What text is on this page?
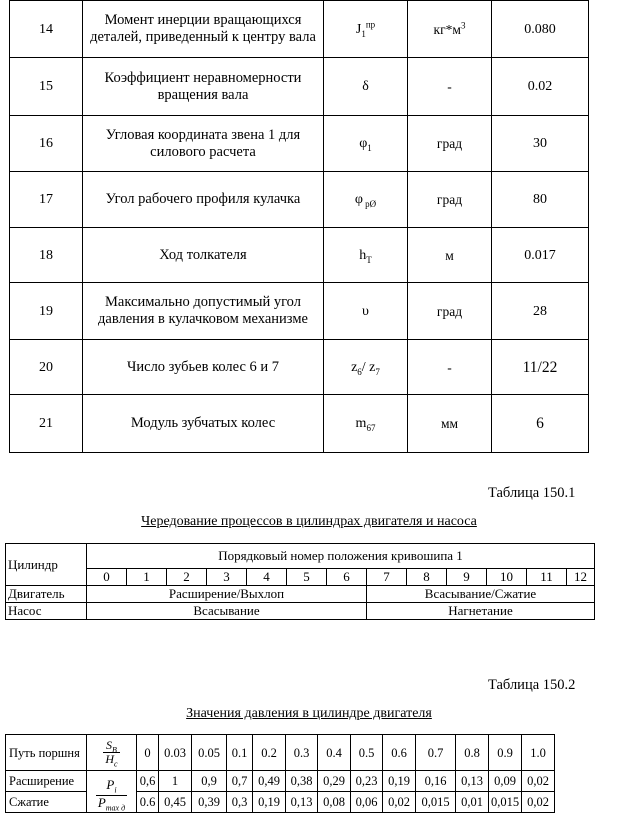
14	Момент инерции вращающихся деталей, приведенный к центру вала	$J_1^{пр}$	$кг*м^3$	0.080
15	Коэффициент неравномерности вращения вала	δ	-	0.02
16	Угловая координата звена 1 для силового расчета	$\varphi_1$	град	30
17	Угол рабочего профиля кулачка	φ $_{рØ}$	град	80
18	Ход толкателя	$h_T$	м	0.017
19	Максимально допустимый угол давления в кулачковом механизме	υ	град	28
20	Число зубьев колес 6 и 7	$z_6/$ $z_7$	-	11/22
21	Модуль зубчатых колес	$m_{67}$	мм	6
Таблица 150.1
Чередование процессов в цилиндрах двигателя и насоса
Цилиндр	Порядковый номер положения кривошипа 1												
	0	1	2	3	4	5	6	7	8	9	10	11	12
Двигатель	Расширение/Выхлоп							Всасывание/Сжатие					
Насос	Всасывание							Нагнетание					
Таблица 150.2
Значения давления в цилиндре двигателя
Путь поршня	$\frac{S_B}{H_c}$	0	0.03	0.05	0.1	0.2	0.3	0.4	0.5	0.6	0.7	0.8	0.9	1.0
Расширение	$\frac{P_i}{P_{max д}}$	0,6	1	0,9	0,7	0,49	0,38	0,29	0,23	0,19	0,16	0,13	0,09	0,02
Сжатие		0.6	0,45	0,39	0,3	0,19	0,13	0,08	0,06	0,02	0,015	0,01	0,015	0,02
